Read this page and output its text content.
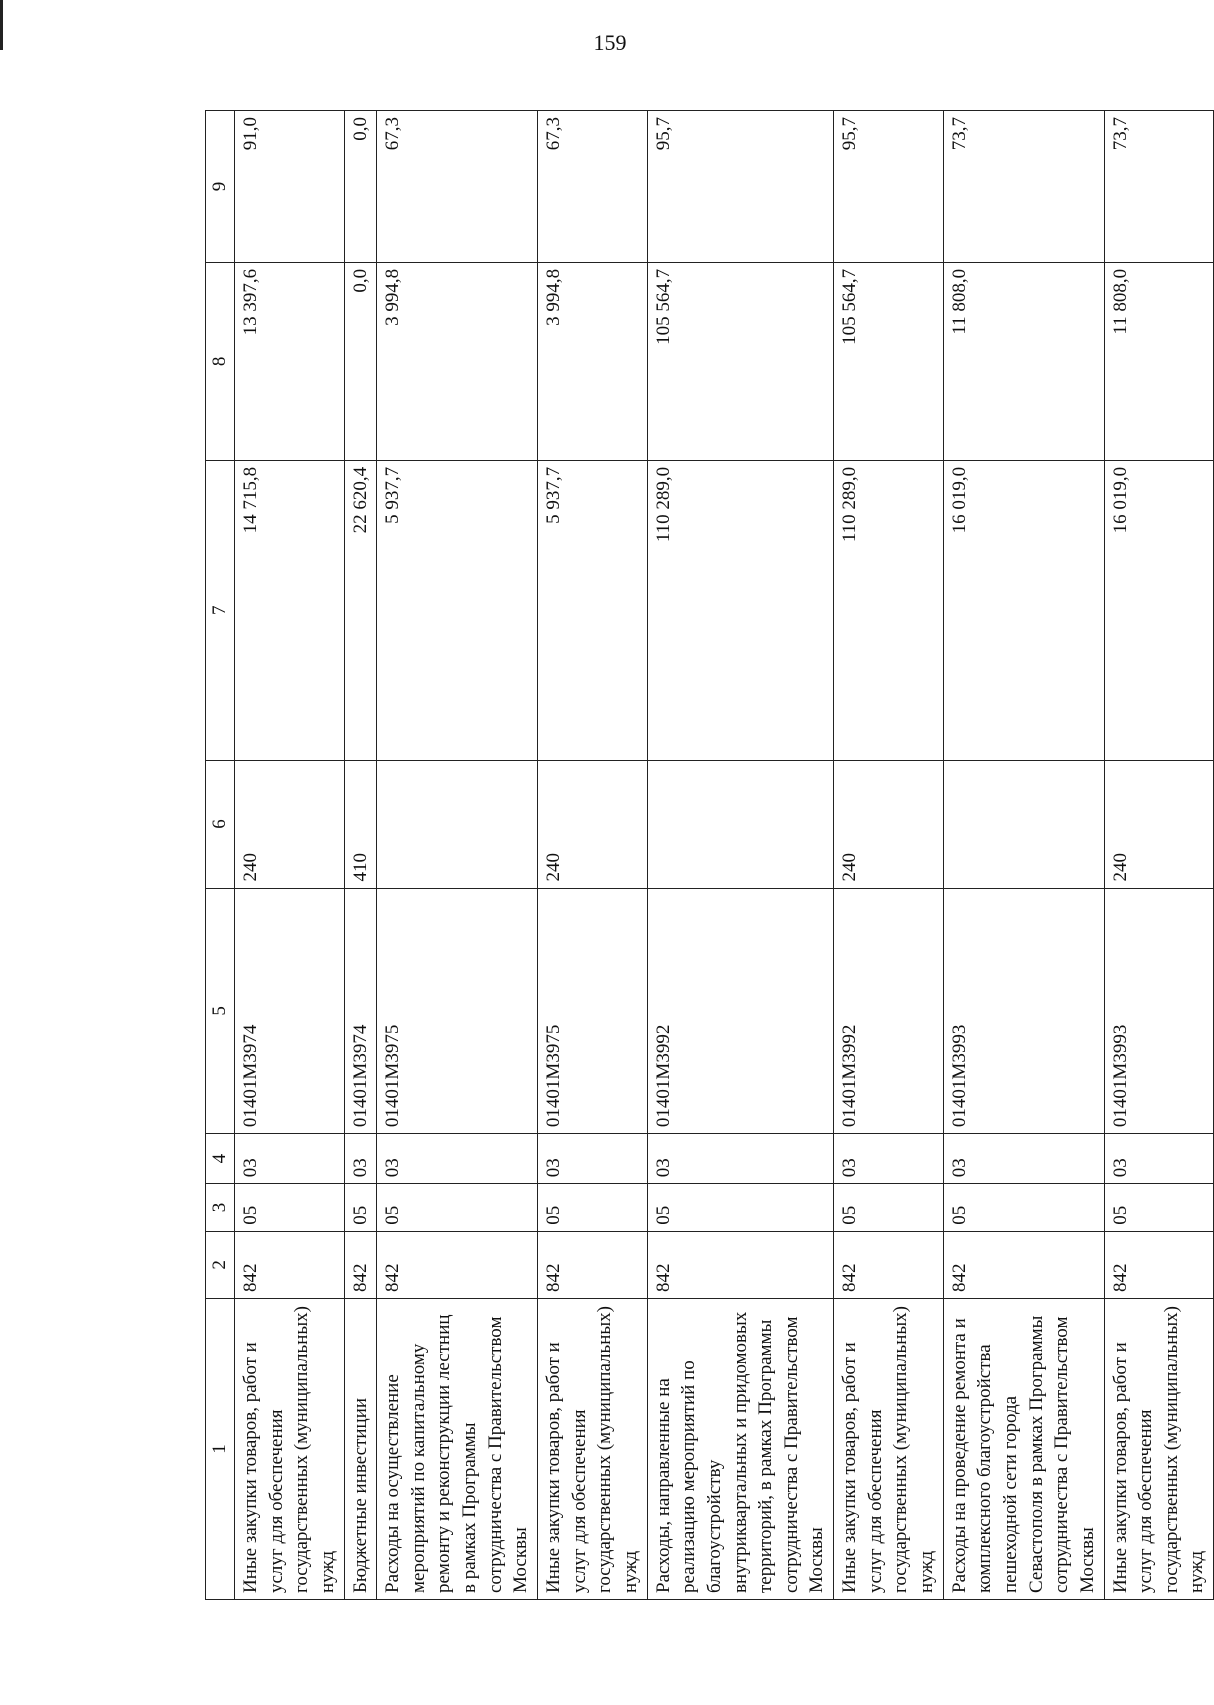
159
1	2	3	4	5	6	7	8	9
Иные закупки товаров, работ и услуг для обеспечения государственных (муниципальных) нужд	842	05	03	01401М3974	240	14 715,8	13 397,6	91,0
Бюджетные инвестиции	842	05	03	01401М3974	410	22 620,4	0,0	0,0
Расходы на осуществление мероприятий по капитальному ремонту и реконструкции лестниц в рамках Программы сотрудничества с Правительством Москвы	842	05	03	01401М3975		5 937,7	3 994,8	67,3
Иные закупки товаров, работ и услуг для обеспечения государственных (муниципальных) нужд	842	05	03	01401М3975	240	5 937,7	3 994,8	67,3
Расходы, направленные на реализацию мероприятий по благоустройству внутриквартальных и придомовых территорий, в рамках Программы сотрудничества с Правительством Москвы	842	05	03	01401М3992		110 289,0	105 564,7	95,7
Иные закупки товаров, работ и услуг для обеспечения государственных (муниципальных) нужд	842	05	03	01401М3992	240	110 289,0	105 564,7	95,7
Расходы на проведение ремонта и комплексного благоустройства пешеходной сети города Севастополя в рамках Программы сотрудничества с Правительством Москвы	842	05	03	01401М3993		16 019,0	11 808,0	73,7
Иные закупки товаров, работ и услуг для обеспечения государственных (муниципальных) нужд	842	05	03	01401М3993	240	16 019,0	11 808,0	73,7
